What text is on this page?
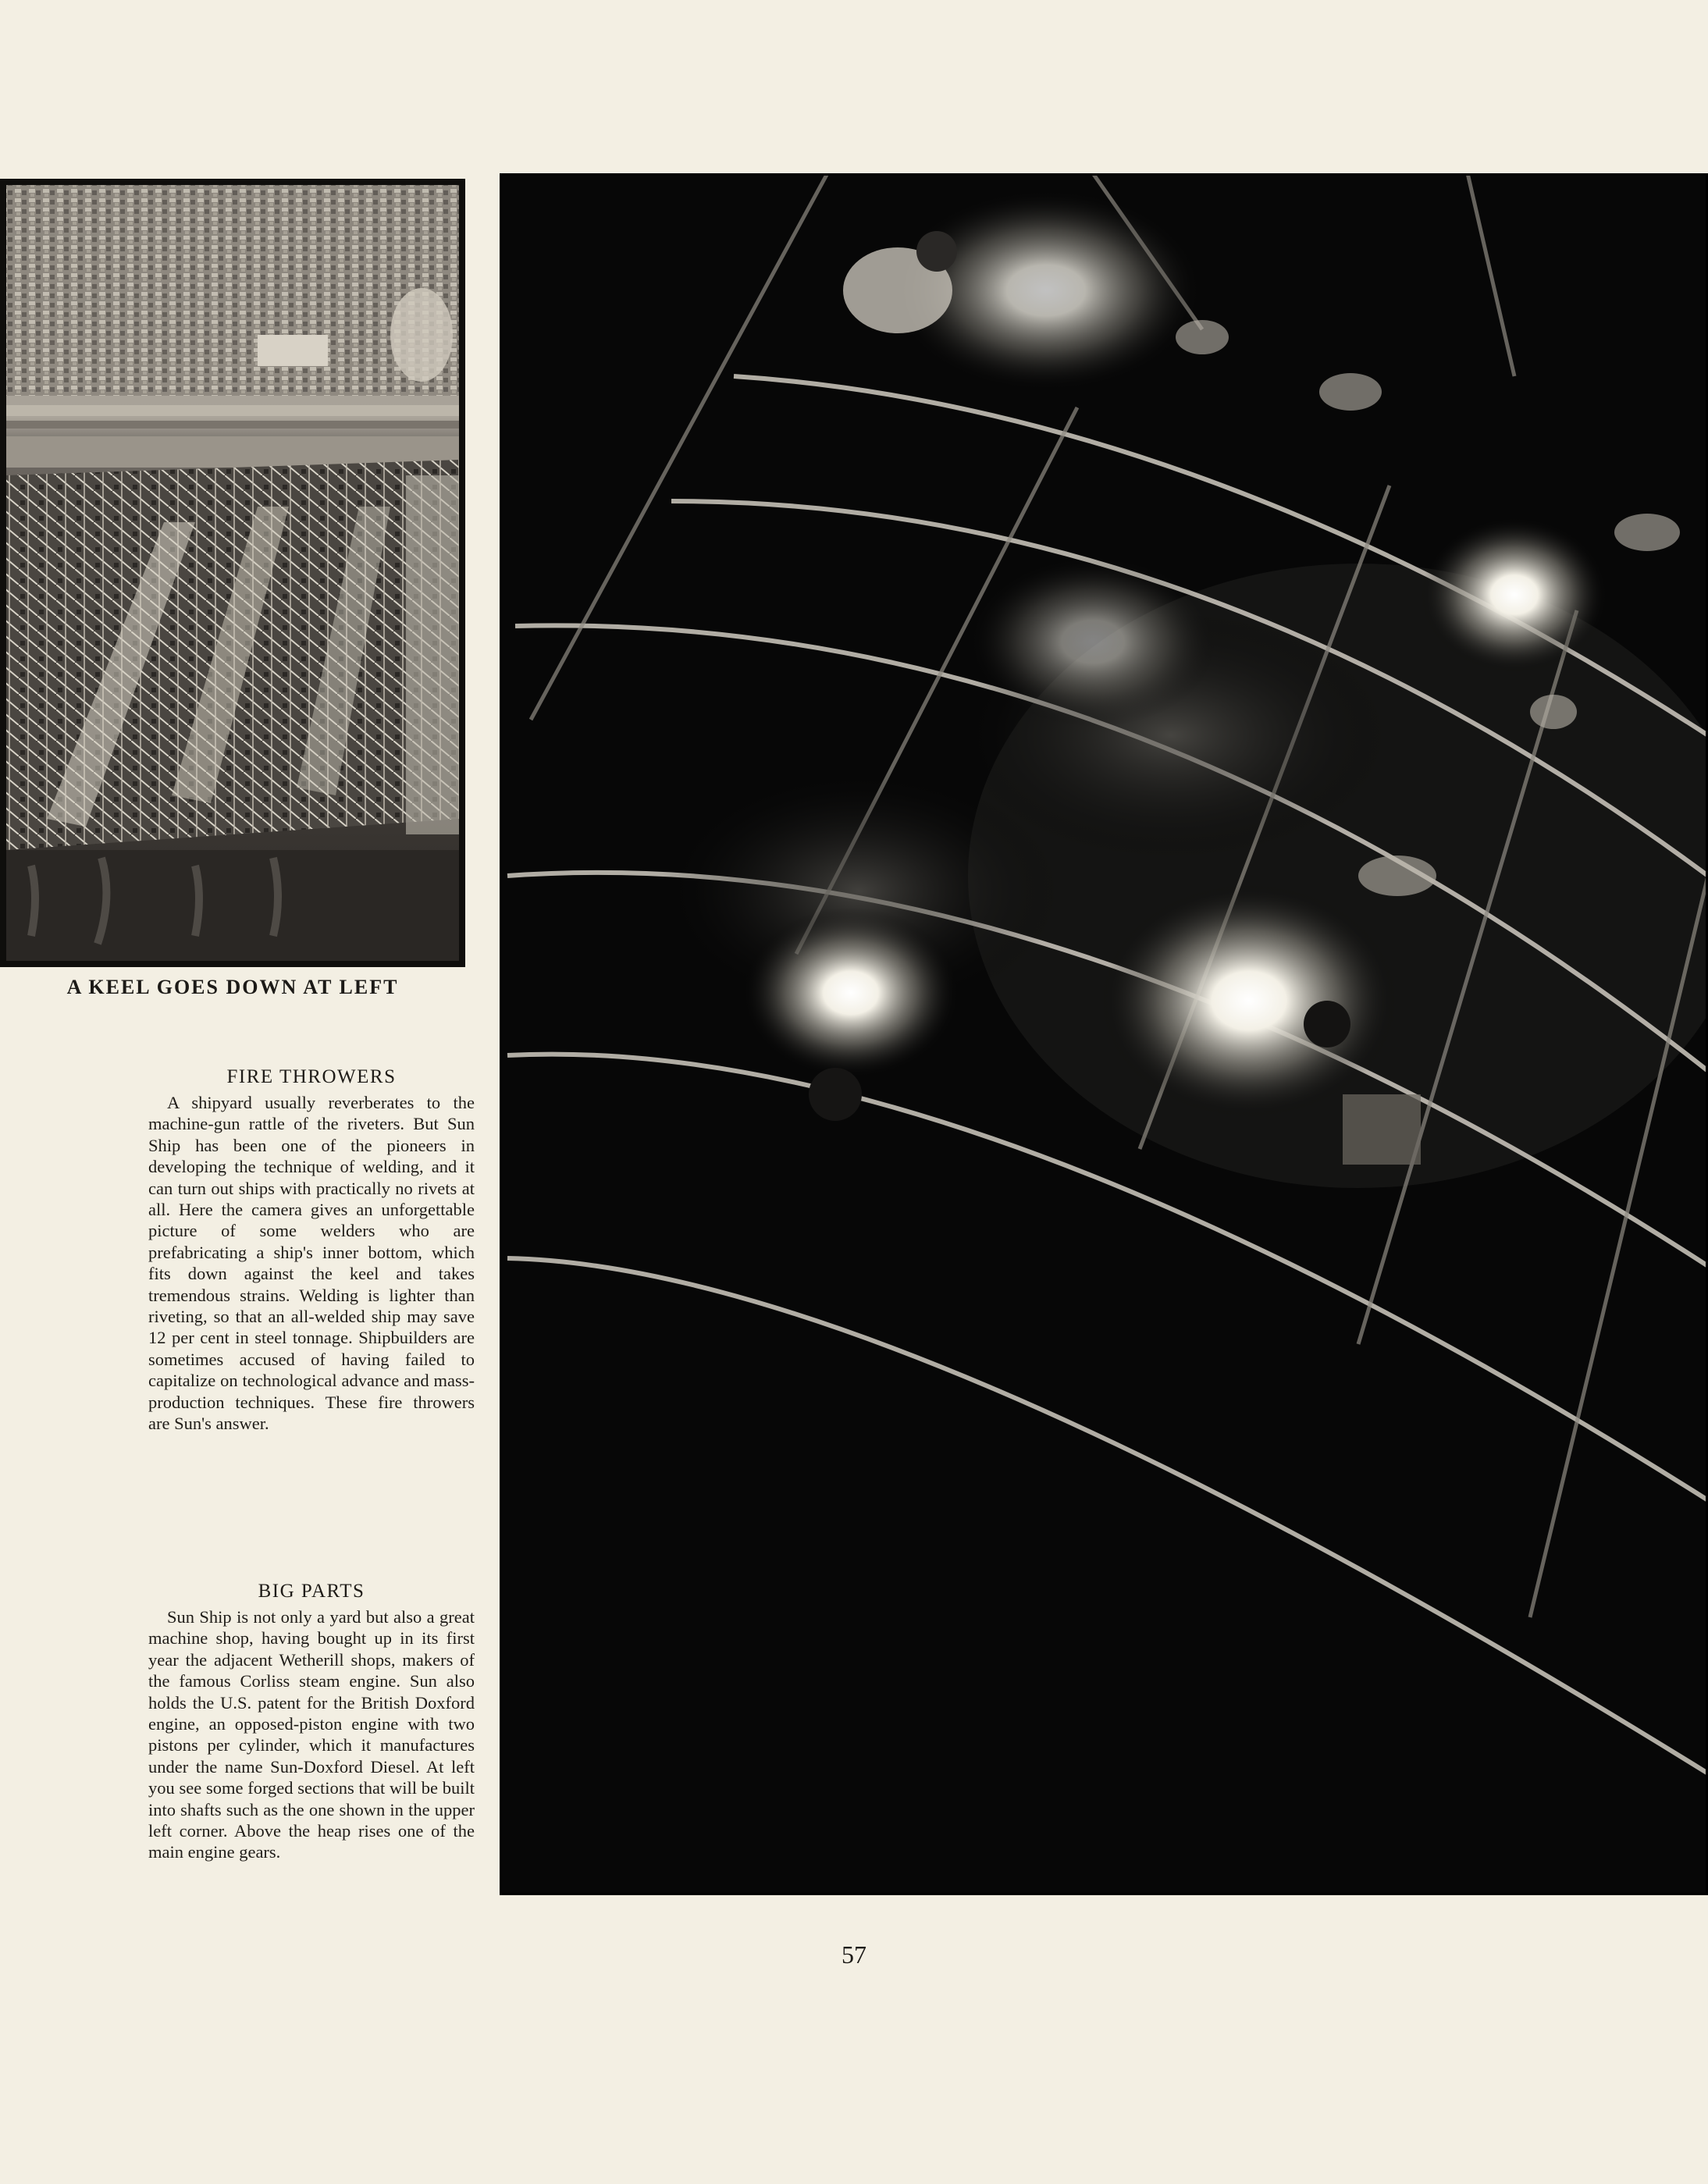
A KEEL GOES DOWN AT LEFT
FIRE THROWERS

A shipyard usually reverberates to the machine-gun rattle of the riveters. But Sun Ship has been one of the pioneers in developing the technique of welding, and it can turn out ships with practically no rivets at all. Here the camera gives an unforgettable picture of some welders who are prefabricating a ship's inner bottom, which fits down against the keel and takes tremendous strains. Welding is lighter than riveting, so that an all-welded ship may save 12 per cent in steel tonnage. Shipbuilders are sometimes accused of having failed to capitalize on technological advance and mass-production techniques. These fire throwers are Sun's answer.

BIG PARTS

Sun Ship is not only a yard but also a great machine shop, having bought up in its first year the adjacent Wetherill shops, makers of the famous Corliss steam engine. Sun also holds the U.S. patent for the British Doxford engine, an opposed-piston engine with two pistons per cylinder, which it manufactures under the name Sun-Doxford Diesel. At left you see some forged sections that will be built into shafts such as the one shown in the upper left corner. Above the heap rises one of the main engine gears.

57
